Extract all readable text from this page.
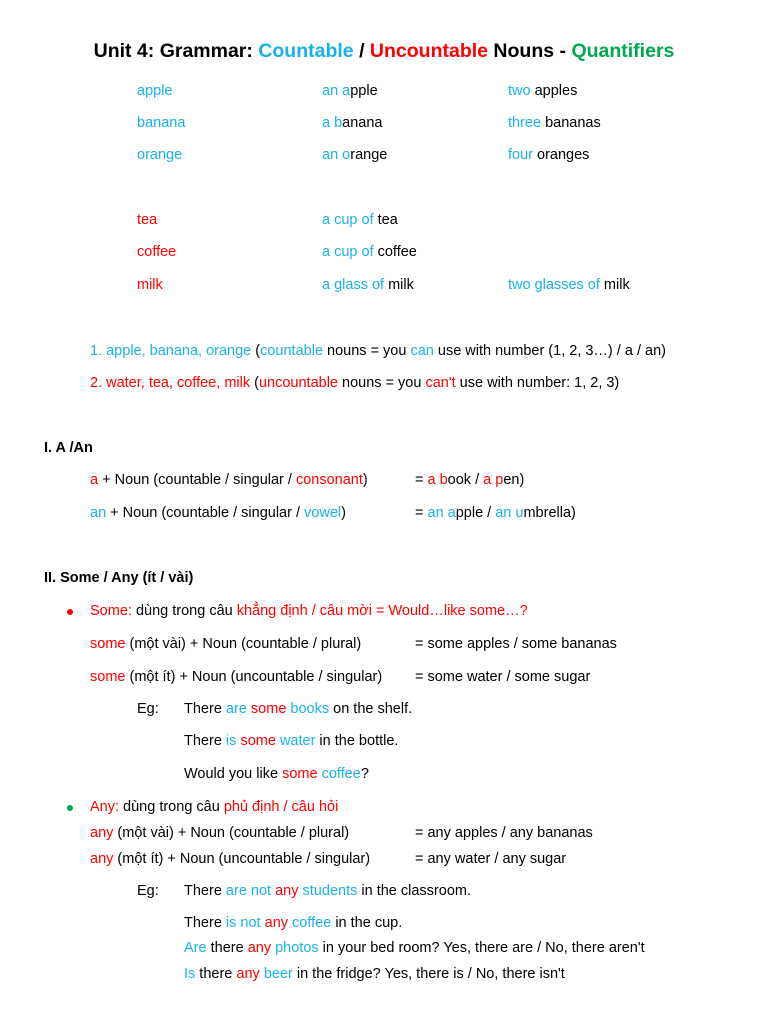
Unit 4: Grammar: Countable / Uncountable Nouns - Quantifiers
apple	an apple	two apples
banana	a banana	three bananas
orange	an orange	four oranges
tea	a cup of tea
coffee	a cup of coffee
milk	a glass of milk	two glasses of milk
1. apple, banana, orange (countable nouns = you can use with number (1, 2, 3…) / a / an)
2. water, tea, coffee, milk (uncountable nouns = you can't use with number: 1, 2, 3)
I. A /An
a + Noun (countable / singular / consonant)	= a book / a pen)
an + Noun (countable / singular / vowel)	= an apple / an umbrella)
II. Some / Any (ít / vài)
Some: dùng trong câu khẳng định / câu mời = Would…like some…?
some (một vài) + Noun (countable / plural)	= some apples / some bananas
some (một ít) + Noun (uncountable / singular) = some water / some sugar
Eg: There are some books on the shelf.
There is some water in the bottle.
Would you like some coffee?
Any: dùng trong câu phủ định / câu hỏi
any (một vài) + Noun (countable / plural)	= any apples / any bananas
any (một ít) + Noun (uncountable / singular)	= any water / any sugar
Eg: There are not any students in the classroom.
There is not any coffee in the cup.
Are there any photos in your bed room? Yes, there are / No, there aren't
Is there any beer in the fridge? Yes, there is / No, there isn't
